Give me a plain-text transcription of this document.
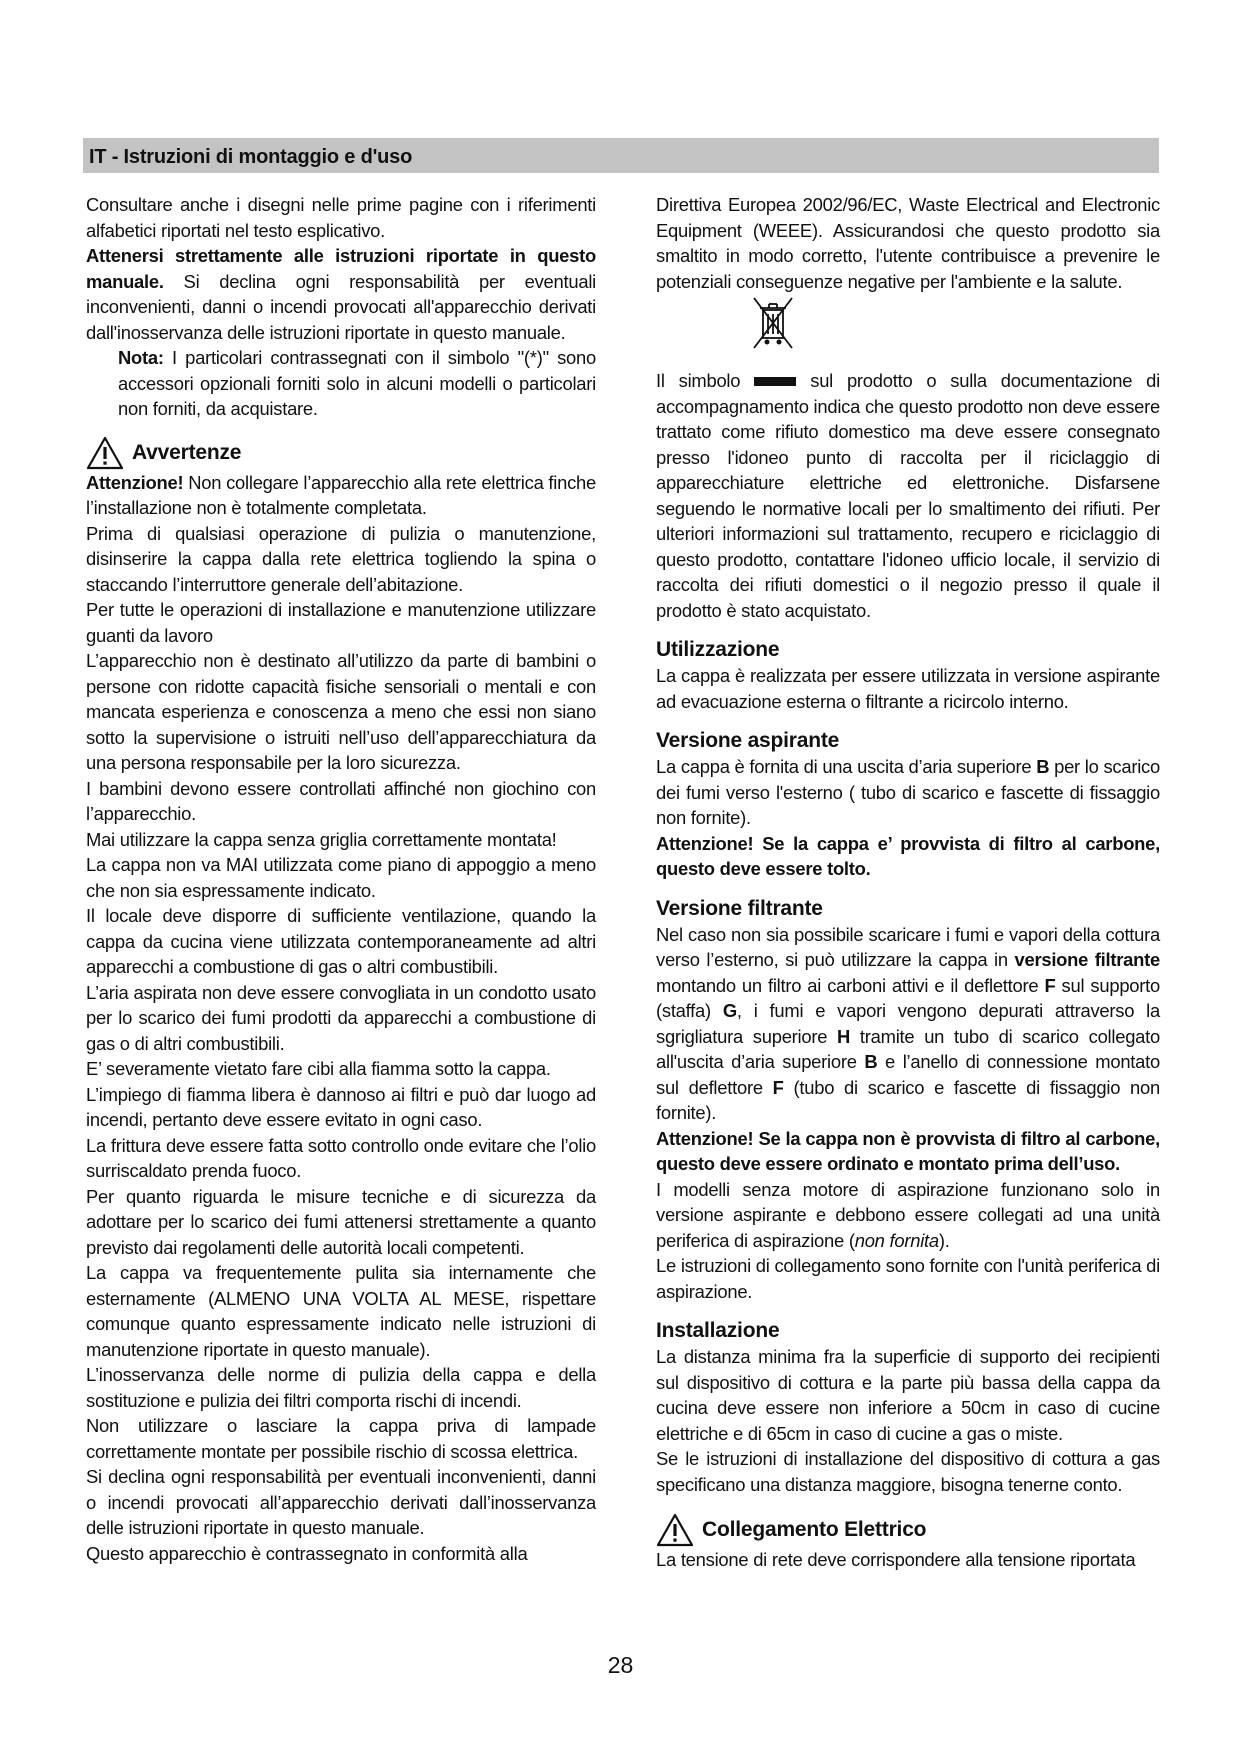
IT - Istruzioni di montaggio e d'uso

Consultare anche i disegni nelle prime pagine con i riferimenti alfabetici riportati nel testo esplicativo.

Attenersi strettamente alle istruzioni riportate in questo manuale. Si declina ogni responsabilità per eventuali inconvenienti, danni o incendi provocati all'apparecchio derivati dall'inosservanza delle istruzioni riportate in questo manuale.

Nota: I particolari contrassegnati con il simbolo "(*)" sono accessori opzionali forniti solo in alcuni modelli o particolari non forniti, da acquistare.

Avvertenze

Attenzione! Non collegare l’apparecchio alla rete elettrica finche l’installazione non è totalmente completata.

Prima di qualsiasi operazione di pulizia o manutenzione, disinserire la cappa dalla rete elettrica togliendo la spina o staccando l’interruttore generale dell’abitazione.

Per tutte le operazioni di installazione e manutenzione utilizzare guanti da lavoro

L’apparecchio non è destinato all’utilizzo da parte di bambini o persone con ridotte capacità fisiche sensoriali o mentali e con mancata esperienza e conoscenza a meno che essi non siano sotto la supervisione o istruiti nell’uso dell’apparecchiatura da una persona responsabile per la loro sicurezza.

I bambini devono essere controllati affinché non giochino con l’apparecchio.

Mai utilizzare la cappa senza griglia correttamente montata!

La cappa non va MAI utilizzata come piano di appoggio a meno che non sia espressamente indicato.

Il locale deve disporre di sufficiente ventilazione, quando la cappa da cucina viene utilizzata contemporaneamente ad altri apparecchi a combustione di gas o altri combustibili.

L’aria aspirata non deve essere convogliata in un condotto usato per lo scarico dei fumi prodotti da apparecchi a combustione di gas o di altri combustibili.

E’ severamente vietato fare cibi alla fiamma sotto la cappa.

L’impiego di fiamma libera è dannoso ai filtri e può dar luogo ad incendi, pertanto deve essere evitato in ogni caso.

La frittura deve essere fatta sotto controllo onde evitare che l’olio surriscaldato prenda fuoco.

Per quanto riguarda le misure tecniche e di sicurezza da adottare per lo scarico dei fumi attenersi strettamente a quanto previsto dai regolamenti delle autorità locali competenti.

La cappa va frequentemente pulita sia internamente che esternamente (ALMENO UNA VOLTA AL MESE, rispettare comunque quanto espressamente indicato nelle istruzioni di manutenzione riportate in questo manuale).

L’inosservanza delle norme di pulizia della cappa e della sostituzione e pulizia dei filtri comporta rischi di incendi.

Non utilizzare o lasciare la cappa priva di lampade correttamente montate per possibile rischio di scossa elettrica.

Si declina ogni responsabilità per eventuali inconvenienti, danni o incendi provocati all’apparecchio derivati dall’inosservanza delle istruzioni riportate in questo manuale.

Questo apparecchio è contrassegnato in conformità alla

Direttiva Europea 2002/96/EC, Waste Electrical and Electronic Equipment (WEEE). Assicurandosi che questo prodotto sia smaltito in modo corretto, l'utente contribuisce a prevenire le potenziali conseguenze negative per l'ambiente e la salute.

Il simbolo	sul prodotto o sulla documentazione di accompagnamento indica che questo prodotto non deve essere trattato come rifiuto domestico ma deve essere consegnato presso l'idoneo punto di raccolta per il riciclaggio di apparecchiature elettriche ed elettroniche. Disfarsene seguendo le normative locali per lo smaltimento dei rifiuti. Per ulteriori informazioni sul trattamento, recupero e riciclaggio di questo prodotto, contattare l'idoneo ufficio locale, il servizio di raccolta dei rifiuti domestici o il negozio presso il quale il prodotto è stato acquistato.

Utilizzazione

La cappa è realizzata per essere utilizzata in versione aspirante ad evacuazione esterna o filtrante a ricircolo interno.

Versione aspirante

La cappa è fornita di una uscita d’aria superiore B per lo scarico dei fumi verso l'esterno ( tubo di scarico e fascette di fissaggio non fornite).

Attenzione! Se la cappa e’ provvista di filtro al carbone, questo deve essere tolto.

Versione filtrante

Nel caso non sia possibile scaricare i fumi e vapori della cottura verso l’esterno, si può utilizzare la cappa in versione filtrante montando un filtro ai carboni attivi e il deflettore F sul supporto (staffa) G, i fumi e vapori vengono depurati attraverso la sgrigliatura superiore H tramite un tubo di scarico collegato all'uscita d’aria superiore B e l’anello di connessione montato sul deflettore F (tubo di scarico e fascette di fissaggio non fornite).

Attenzione! Se la cappa non è provvista di filtro al carbone, questo deve essere ordinato e montato prima dell’uso.

I modelli senza motore di aspirazione funzionano solo in versione aspirante e debbono essere collegati ad una unità periferica di aspirazione (non fornita).

Le istruzioni di collegamento sono fornite con l'unità periferica di aspirazione.

Installazione

La distanza minima fra la superficie di supporto dei recipienti sul dispositivo di cottura e la parte più bassa della cappa da cucina deve essere non inferiore a 50cm in caso di cucine elettriche e di 65cm in caso di cucine a gas o miste.

Se le istruzioni di installazione del dispositivo di cottura a gas specificano una distanza maggiore, bisogna tenerne conto.

Collegamento Elettrico

La tensione di rete deve corrispondere alla tensione riportata

28
